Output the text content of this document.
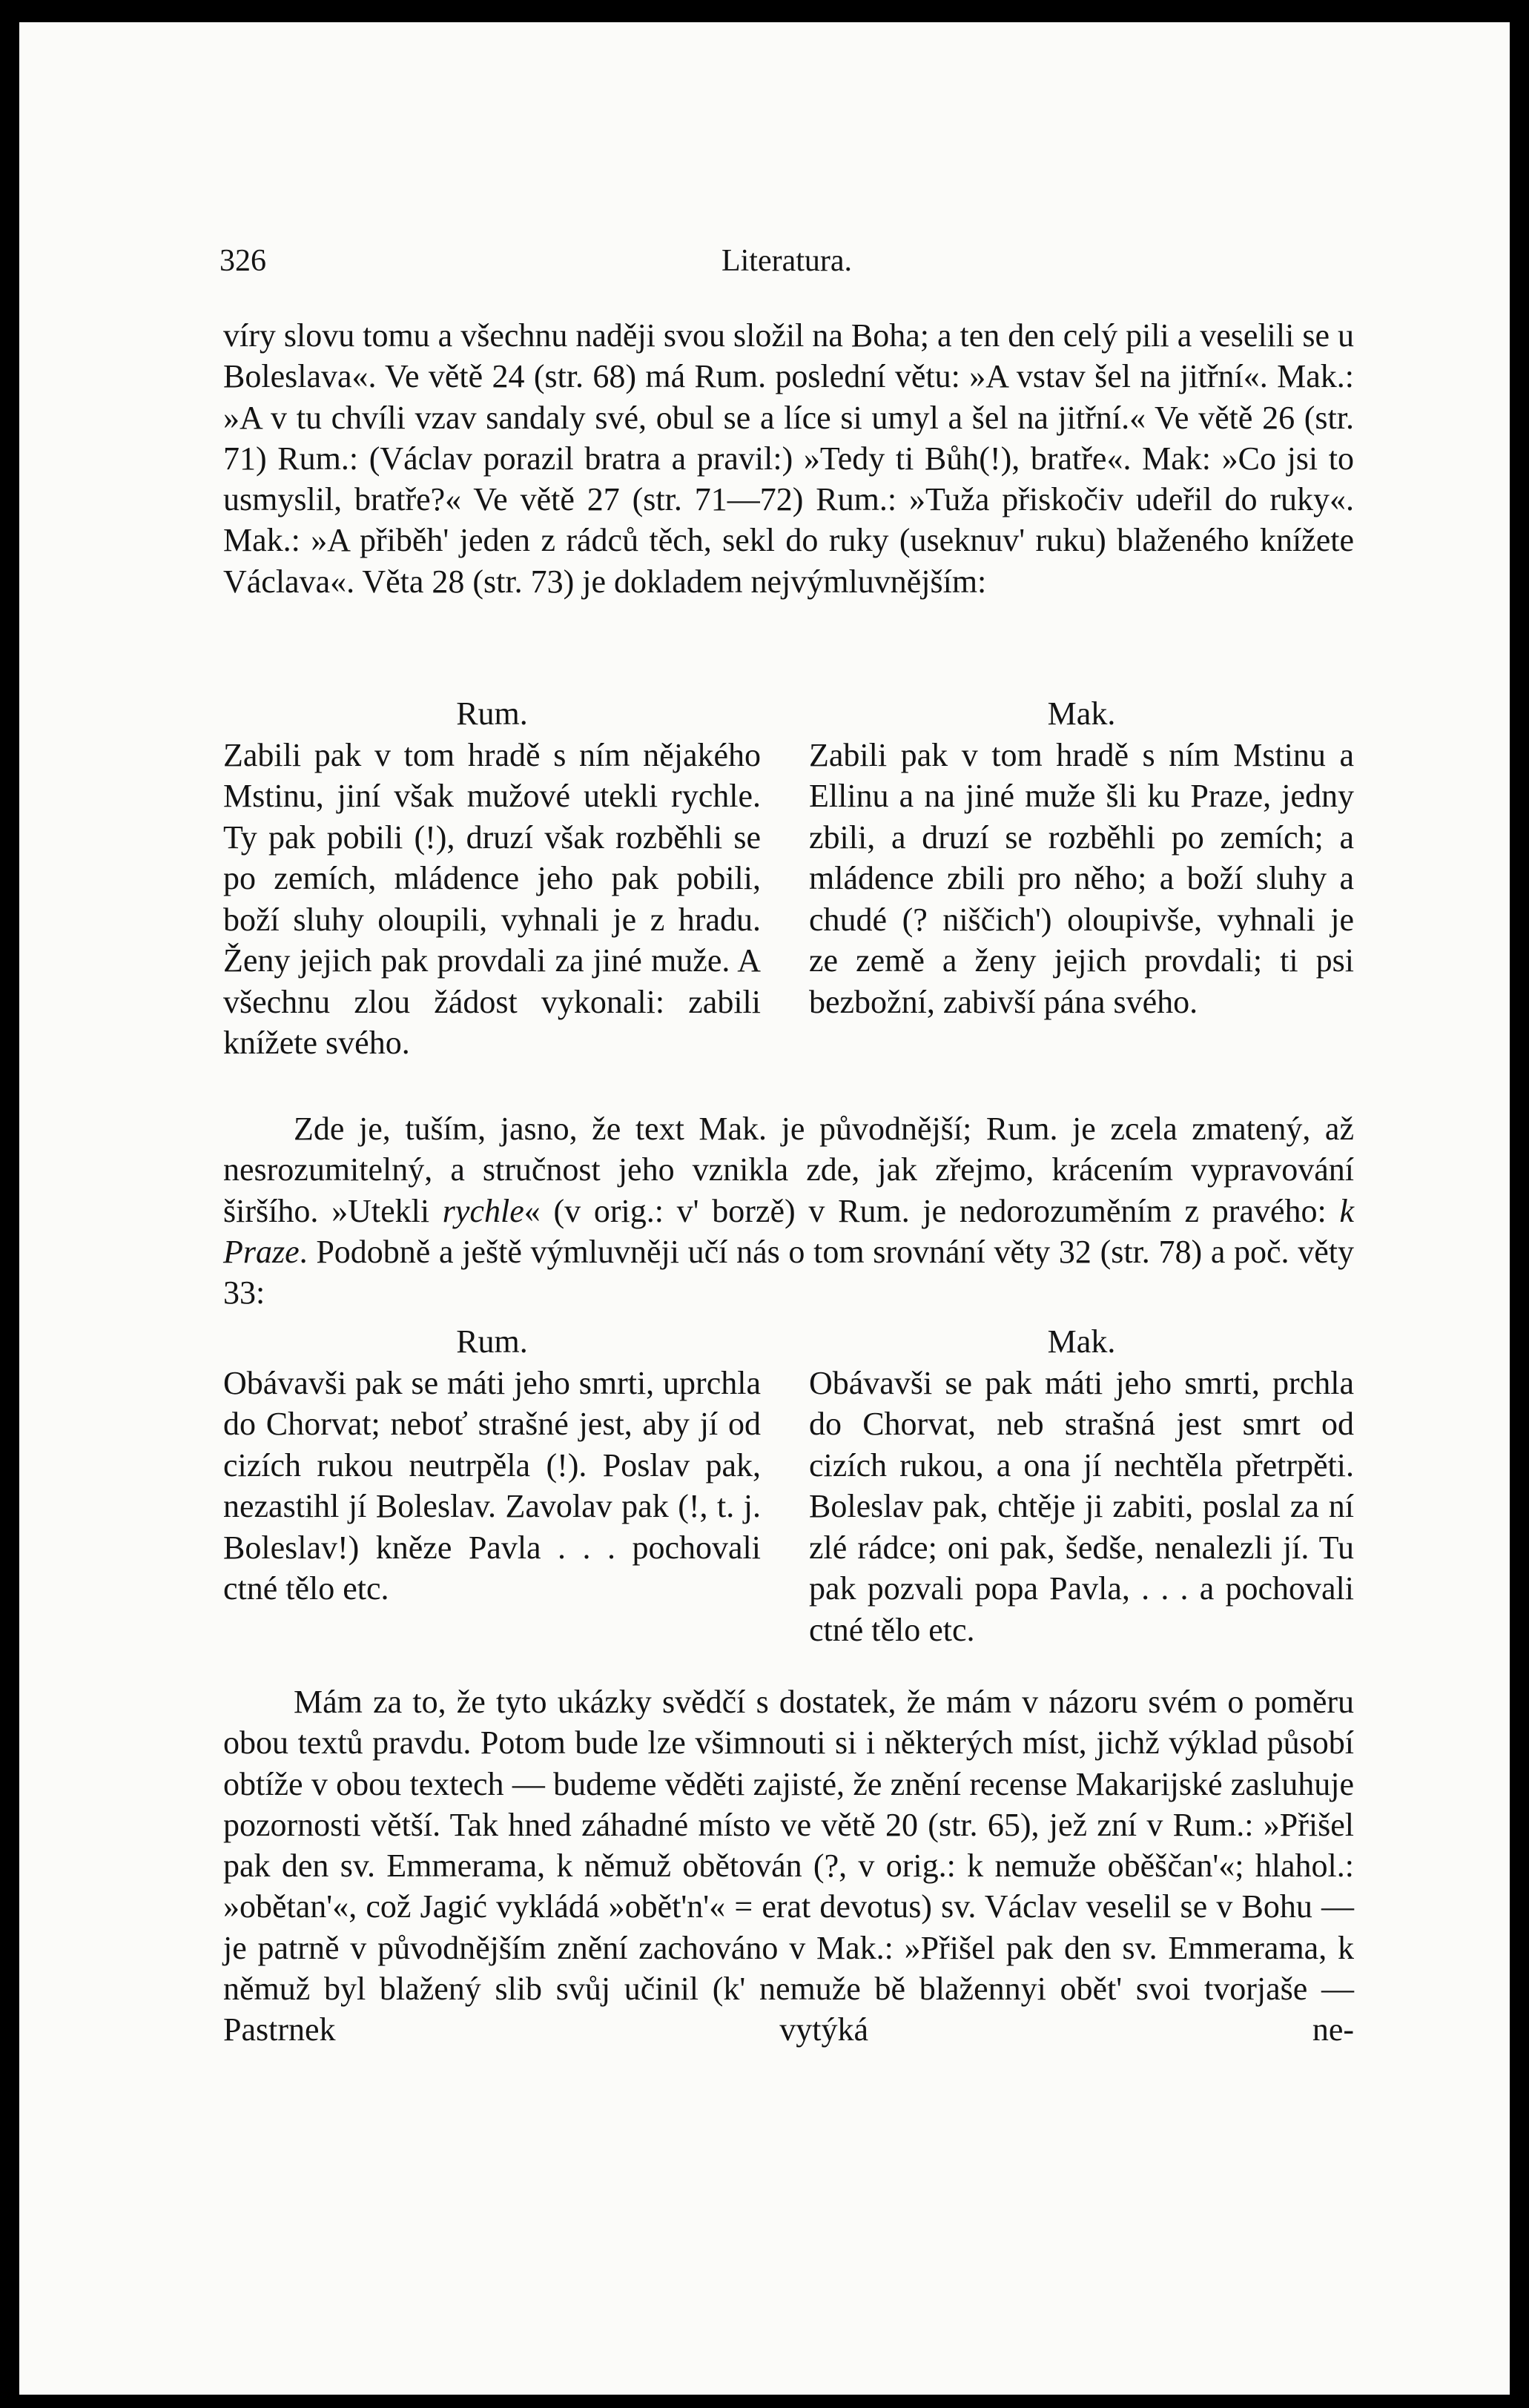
326	Literatura.
víry slovu tomu a všechnu naději svou složil na Boha; a ten den celý pili a veselili se u Boleslava«. Ve větě 24 (str. 68) má Rum. poslední větu: »A vstav šel na jitřní«. Mak.: »A v tu chvíli vzav sandaly své, obul se a líce si umyl a šel na jitřní.« Ve větě 26 (str. 71) Rum.: (Václav porazil bratra a pravil:) »Tedy ti Bůh(!), bratře«. Mak: »Co jsi to usmyslil, bratře?« Ve větě 27 (str. 71—72) Rum.: »Tuža přiskočiv udeřil do ruky«. Mak.: »A přiběh' jeden z rádců těch, sekl do ruky (useknuv' ruku) blaženého knížete Václava«. Věta 28 (str. 73) je dokladem nejvýmluvnějším:
Rum.
Zabili pak v tom hradě s ním nějakého Mstinu, jiní však mužové utekli rychle. Ty pak pobili (!), druzí však rozběhli se po zemích, mládence jeho pak pobili, boží sluhy oloupili, vyhnali je z hradu. Ženy jejich pak provdali za jiné muže. A všechnu zlou žádost vykonali: zabili knížete svého.
Mak.
Zabili pak v tom hradě s ním Mstinu a Ellinu a na jiné muže šli ku Praze, jedny zbili, a druzí se rozběhli po zemích; a mládence zbili pro něho; a boží sluhy a chudé (? niščich') oloupivše, vyhnali je ze země a ženy jejich provdali; ti psi bezbožní, zabivší pána svého.
Zde je, tuším, jasno, že text Mak. je původnější; Rum. je zcela zmatený, až nesrozumitelný, a stručnost jeho vznikla zde, jak zřejmo, krácením vypravování širšího. »Utekli rychle« (v orig.: v' borzě) v Rum. je nedorozuměním z pravého: k Praze. Podobně a ještě výmluvněji učí nás o tom srovnání věty 32 (str. 78) a poč. věty 33:
Rum.
Obávavši pak se máti jeho smrti, uprchla do Chorvat; neboť strašné jest, aby jí od cizích rukou neutrpěla (!). Poslav pak, nezastihl jí Boleslav. Zavolav pak (!, t. j. Boleslav!) kněze Pavla . . . pochovali ctné tělo etc.
Mak.
Obávavši se pak máti jeho smrti, prchla do Chorvat, neb strašná jest smrt od cizích rukou, a ona jí nechtěla přetrpěti. Boleslav pak, chtěje ji zabiti, poslal za ní zlé rádce; oni pak, šedše, nenalezli jí. Tu pak pozvali popa Pavla, . . . a pochovali ctné tělo etc.
Mám za to, že tyto ukázky svědčí s dostatek, že mám v názoru svém o poměru obou textů pravdu. Potom bude lze všimnouti si i některých míst, jichž výklad působí obtíže v obou textech — budeme věděti zajisté, že znění recense Makarijské zasluhuje pozornosti větší. Tak hned záhadné místo ve větě 20 (str. 65), jež zní v Rum.: »Přišel pak den sv. Emmerama, k němuž obětován (?, v orig.: k nemuže oběščan'«; hlahol.: »obětan'«, což Jagić vykládá »obět'n'« = erat devotus) sv. Václav veselil se v Bohu — je patrně v původnějším znění zachováno v Mak.: »Přišel pak den sv. Emmerama, k němuž byl blažený slib svůj učinil (k' nemuže bě blažennyi obět' svoi tvorjaše — Pastrnek vytýká ne-
